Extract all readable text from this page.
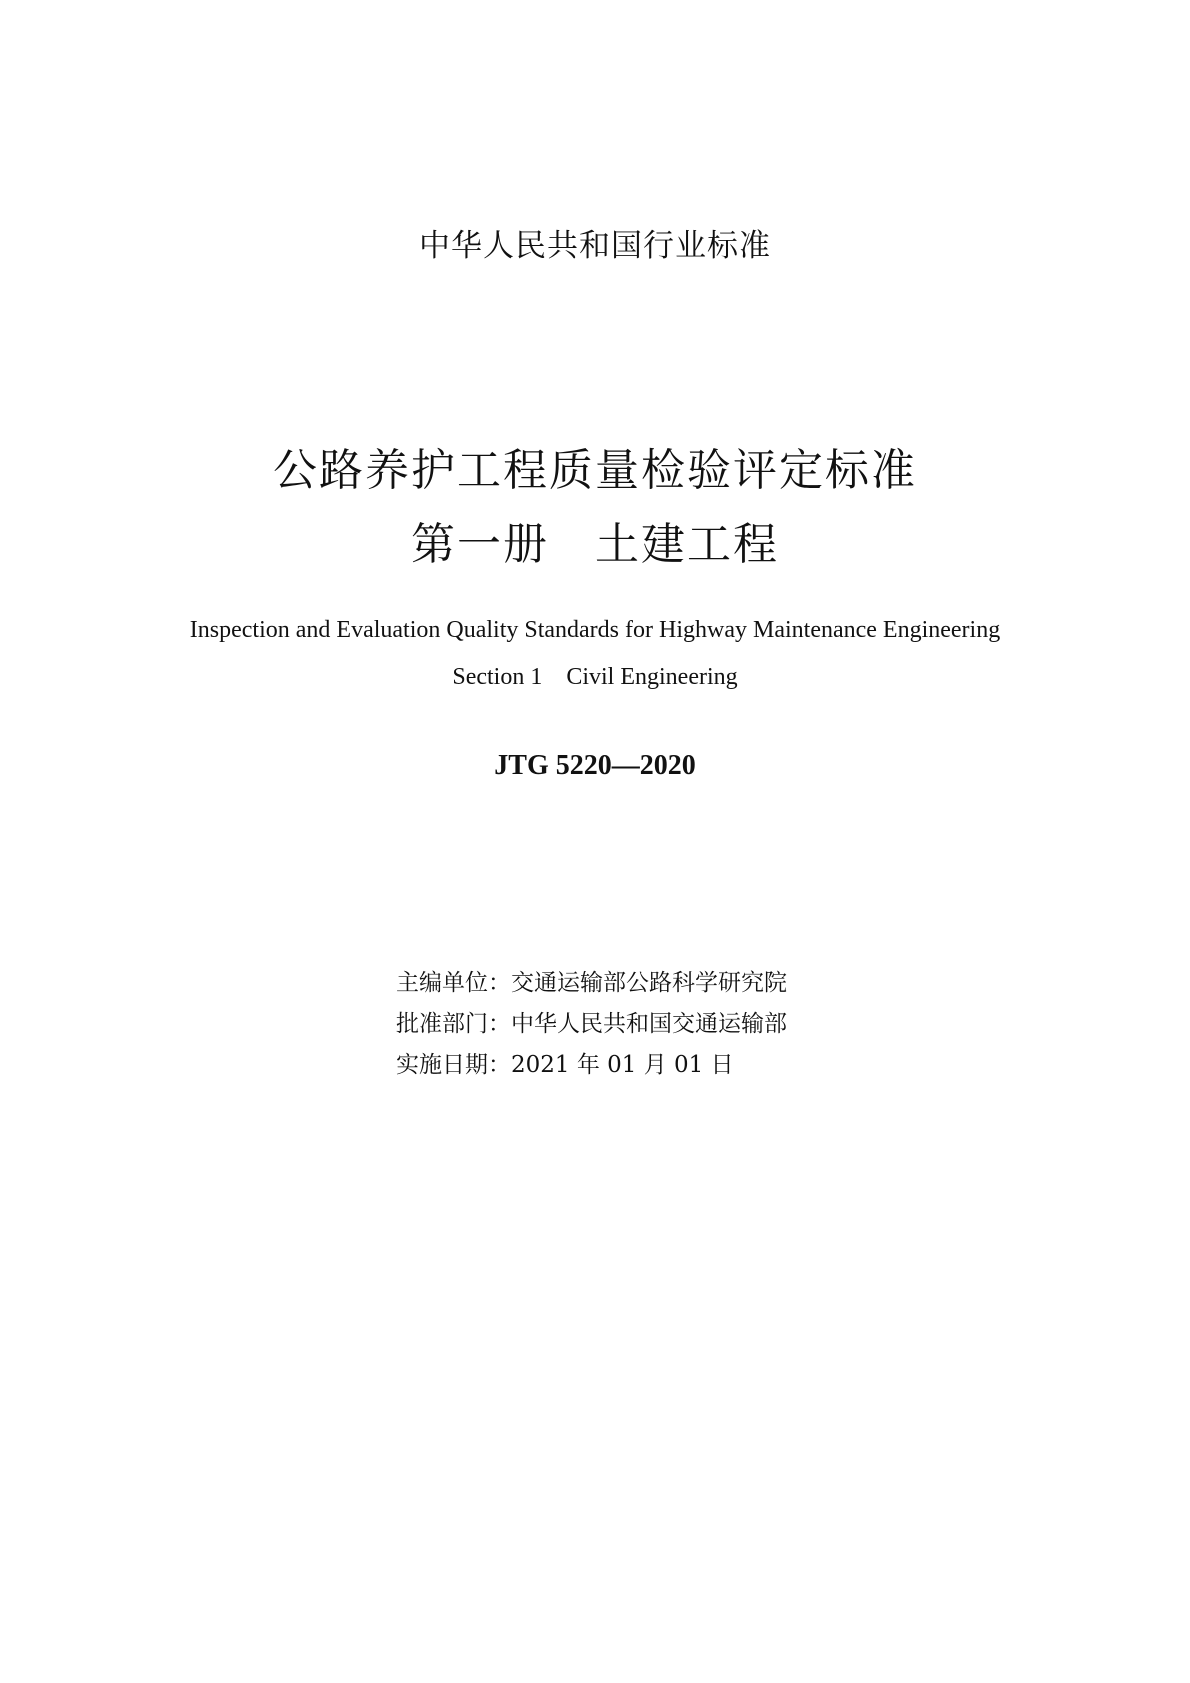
中华人民共和国行业标准
公路养护工程质量检验评定标准
第一册　土建工程
Inspection and Evaluation Quality Standards for Highway Maintenance Engineering
Section 1　Civil Engineering
JTG 5220—2020
主编单位：交通运输部公路科学研究院
批准部门：中华人民共和国交通运输部
实施日期：2021 年 01 月 01 日
